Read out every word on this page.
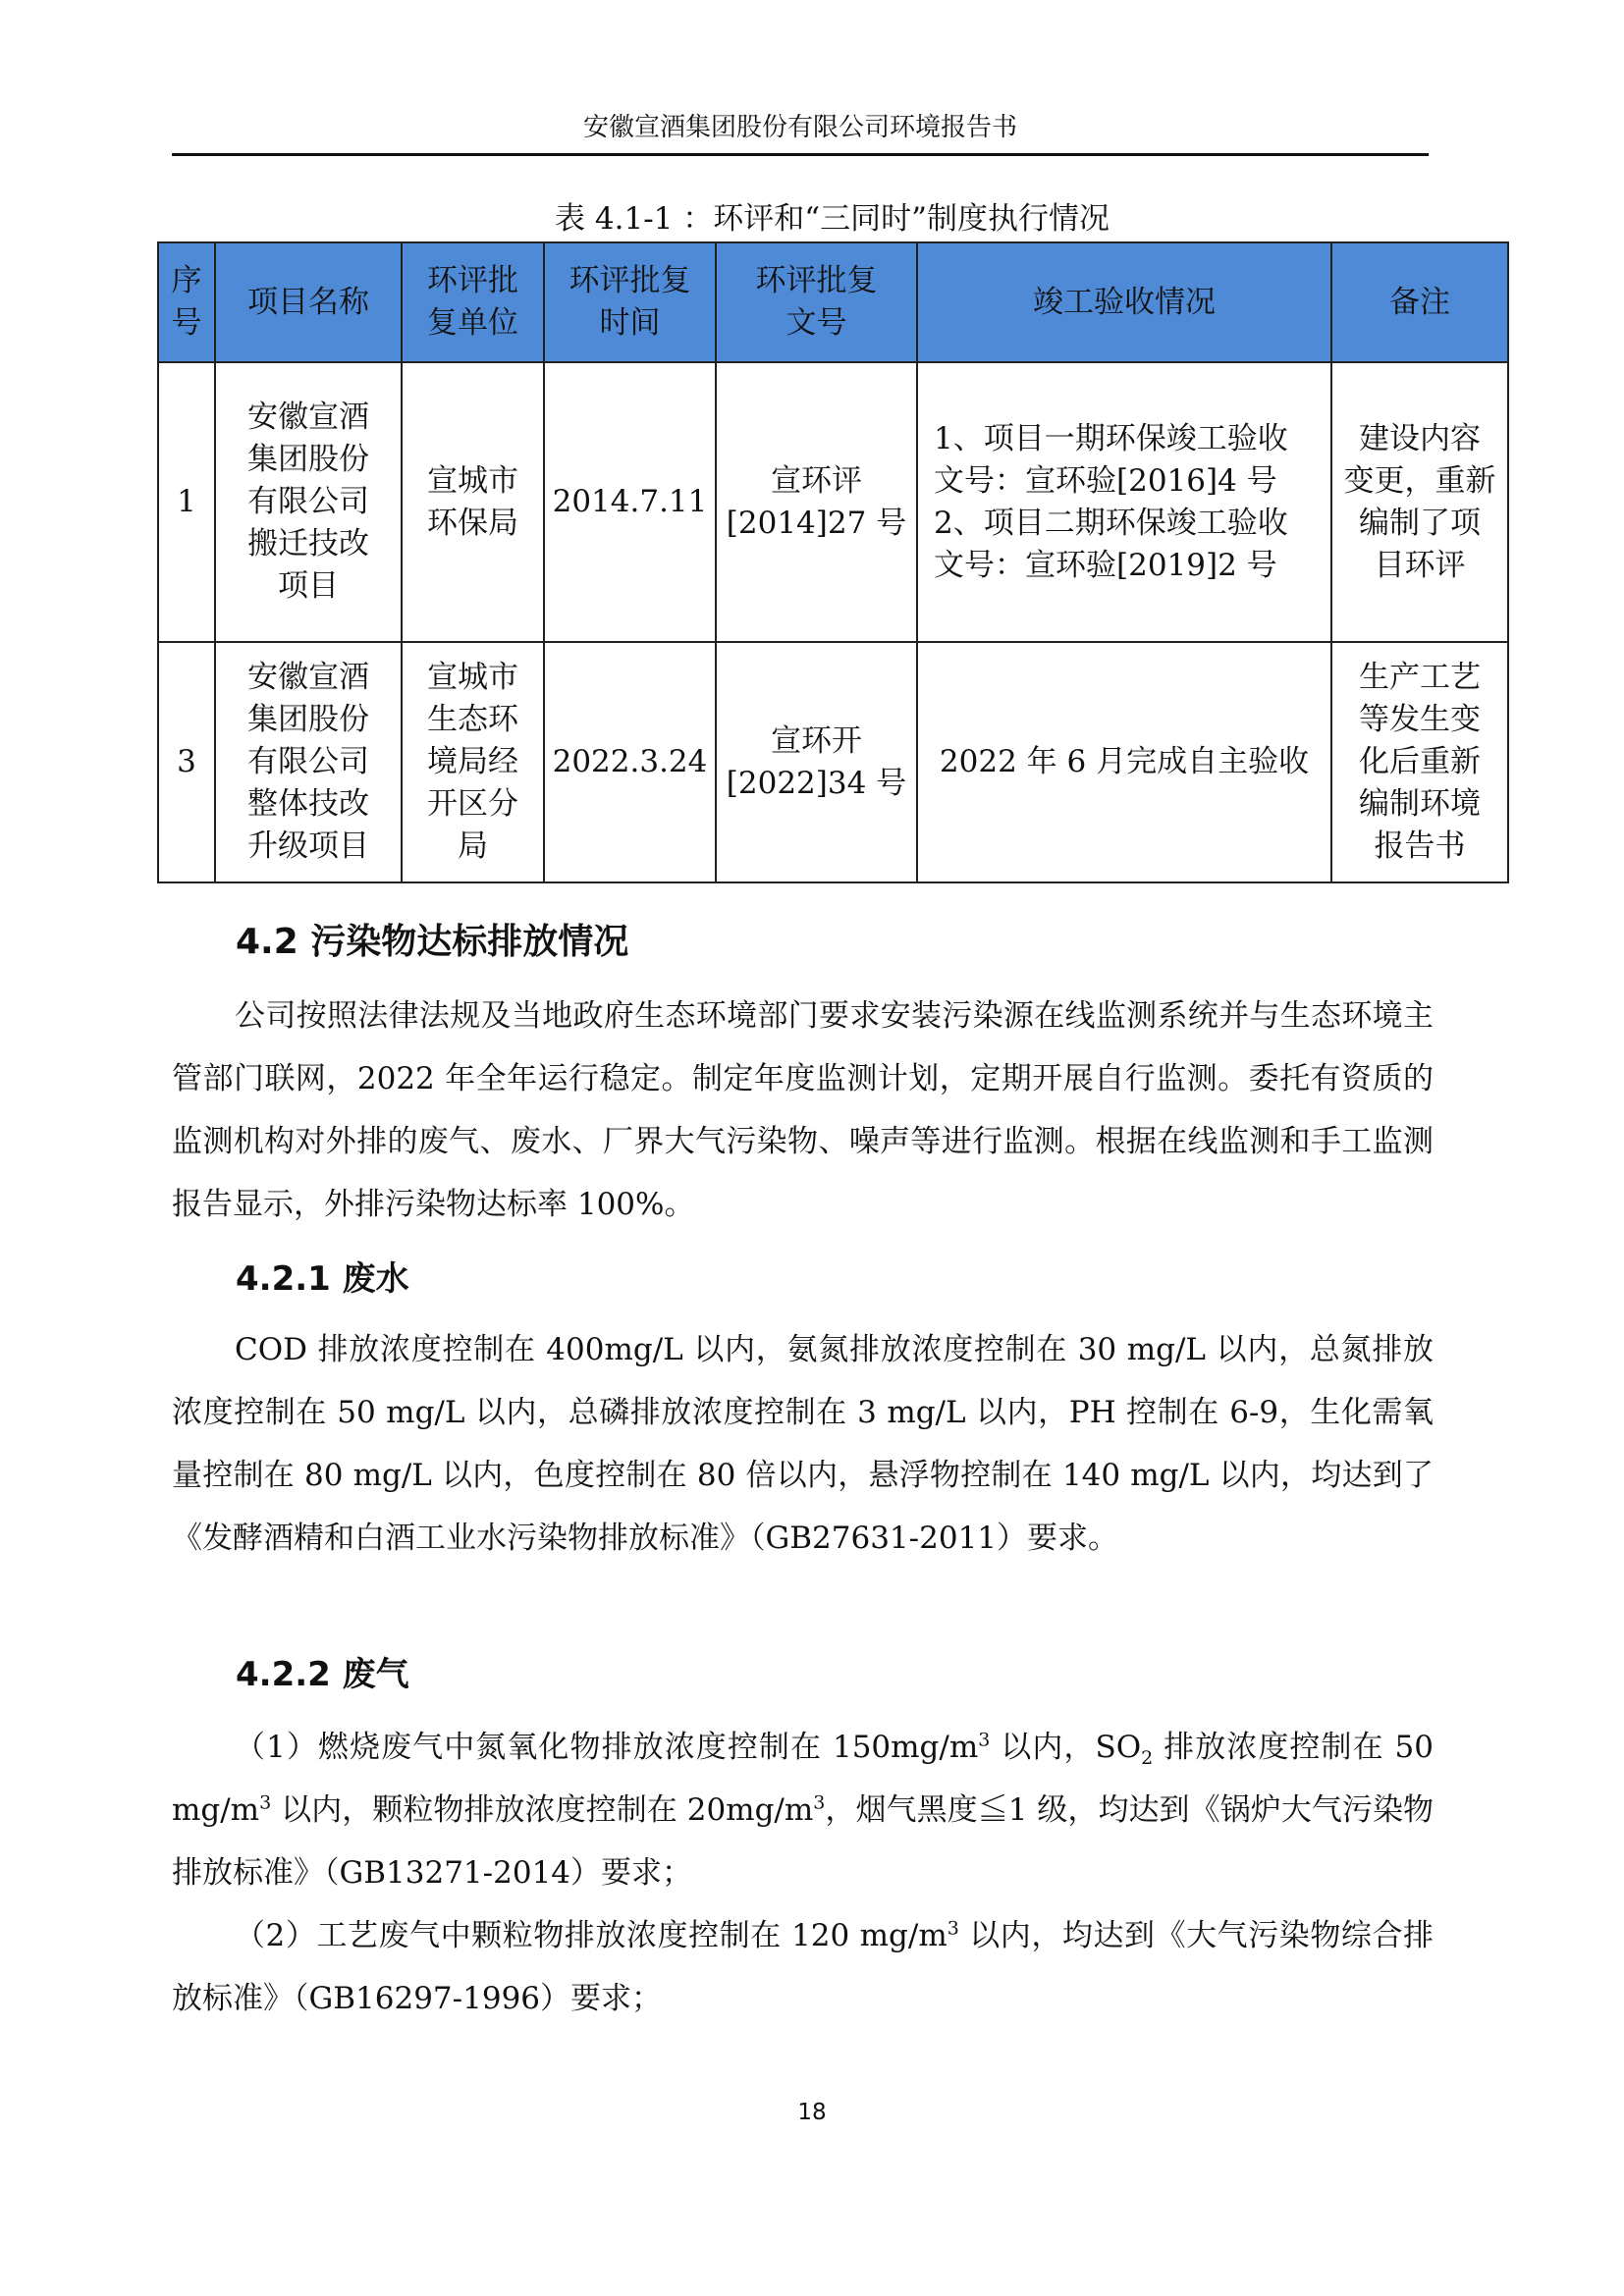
安徽宣酒集团股份有限公司环境报告书
表 4.1-1 ：环评和“三同时”制度执行情况
序
号	项目名称	环评批
复单位	环评批复
时间	环评批复
文号	竣工验收情况	备注

1	安徽宣酒
集团股份
有限公司
搬迁技改
项目	宣城市
环保局	2014.7.11	宣环评
[2014]27 号	1、项目一期环保竣工验收
文号：宣环验[2016]4 号
2、项目二期环保竣工验收
文号：宣环验[2019]2 号	建设内容
变更，重新
编制了项
目环评

3	安徽宣酒
集团股份
有限公司
整体技改
升级项目	宣城市
生态环
境局经
开区分
局	2022.3.24	宣环开
[2022]34 号	2022 年 6 月完成自主验收	生产工艺
等发生变
化后重新
编制环境
报告书
4.2 污染物达标排放情况

公司按照法律法规及当地政府生态环境部门要求安装污染源在线监测系统并与生态环境主管部门联网，2022 年全年运行稳定。制定年度监测计划，定期开展自行监测。委托有资质的监测机构对外排的废气、废水、厂界大气污染物、噪声等进行监测。根据在线监测和手工监测报告显示，外排污染物达标率 100%。

4.2.1 废水

COD 排放浓度控制在 400mg/L 以内，氨氮排放浓度控制在 30 mg/L 以内，总氮排放浓度控制在 50 mg/L 以内，总磷排放浓度控制在 3 mg/L 以内，PH 控制在 6-9，生化需氧量控制在 80 mg/L 以内，色度控制在 80 倍以内，悬浮物控制在 140 mg/L 以内，均达到了《发酵酒精和白酒工业水污染物排放标准》（GB27631-2011）要求。

4.2.2 废气

（1）燃烧废气中氮氧化物排放浓度控制在 $150mg/m^3$ 以内，$SO_2$ 排放浓度控制在 50 $mg/m^3$ 以内，颗粒物排放浓度控制在 $20mg/m^3$，烟气黑度≦1 级，均达到《锅炉大气污染物排放标准》（GB13271-2014）要求；

（2）工艺废气中颗粒物排放浓度控制在 120 $mg/m^3$ 以内，均达到《大气污染物综合排放标准》（GB16297-1996）要求；

18
